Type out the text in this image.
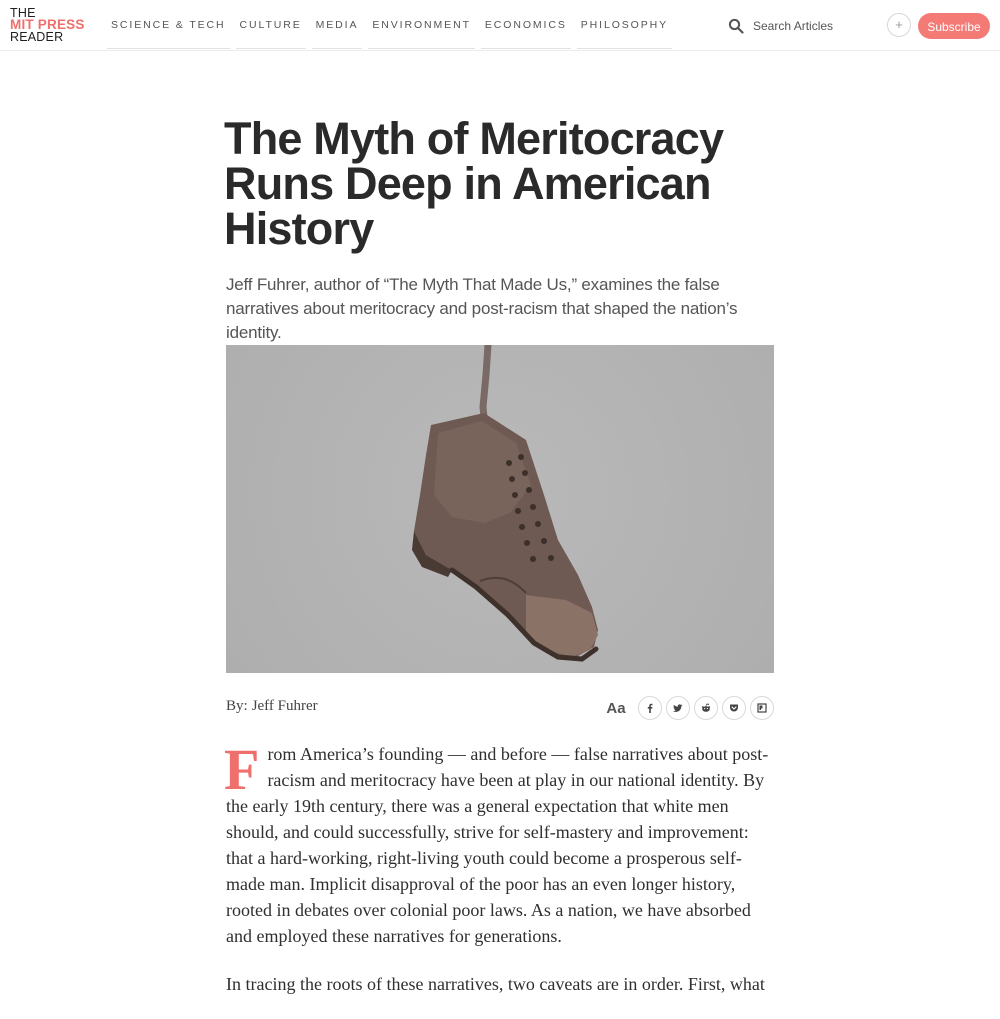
THE
MIT PRESS
READER
SCIENCE & TECH	CULTURE	MEDIA	ENVIRONMENT	ECONOMICS	PHILOSOPHY
Search Articles	+	Subscribe
The Myth of Meritocracy Runs Deep in American History

Jeff Fuhrer, author of “The Myth That Made Us,” examines the false narratives about meritocracy and post-racism that shaped the nation’s identity.

By: Jeff Fuhrer	Aa

From America’s founding — and before — false narratives about post-racism and meritocracy have been at play in our national identity. By the early 19th century, there was a general expectation that white men should, and could successfully, strive for self-mastery and improvement: that a hard-working, right-living youth could become a prosperous self-made man. Implicit disapproval of the poor has an even longer history, rooted in debates over colonial poor laws. As a nation, we have absorbed and employed these narratives for generations.

In tracing the roots of these narratives, two caveats are in order. First, what
